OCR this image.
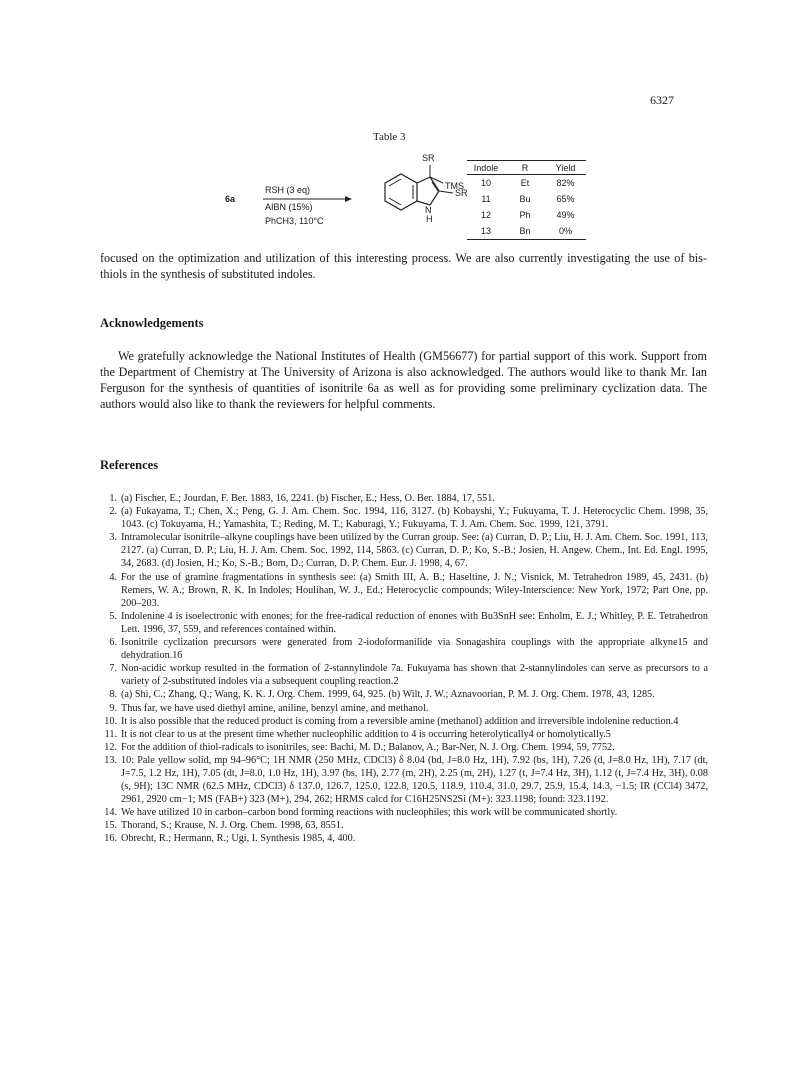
6327
Table 3
6a
RSH (3 eq)
AIBN (15%)
PhCH3, 110°C
SR
TMS
SR
N
H
Indole	R	Yield
10	Et	82%
11	Bu	65%
12	Ph	49%
13	Bn	0%

focused on the optimization and utilization of this interesting process. We are also currently investigating the use of bis-thiols in the synthesis of substituted indoles.

Acknowledgements

We gratefully acknowledge the National Institutes of Health (GM56677) for partial support of this work. Support from the Department of Chemistry at The University of Arizona is also acknowledged. The authors would like to thank Mr. Ian Ferguson for the synthesis of quantities of isonitrile 6a as well as for providing some preliminary cyclization data. The authors would also like to thank the reviewers for helpful comments.

References
1. (a) Fischer, E.; Jourdan, F. Ber. 1883, 16, 2241. (b) Fischer, E.; Hess, O. Ber. 1884, 17, 551.
2. (a) Fukayama, T.; Chen, X.; Peng, G. J. Am. Chem. Soc. 1994, 116, 3127. (b) Kobayshi, Y.; Fukuyama, T. J. Heterocyclic Chem. 1998, 35, 1043. (c) Tokuyama, H.; Yamashita, T.; Reding, M. T.; Kaburagi, Y.; Fukuyama, T. J. Am. Chem. Soc. 1999, 121, 3791.
3. Intramolecular isonitrile–alkyne couplings have been utilized by the Curran group. See: (a) Curran, D. P.; Liu, H. J. Am. Chem. Soc. 1991, 113, 2127. (a) Curran, D. P.; Liu, H. J. Am. Chem. Soc. 1992, 114, 5863. (c) Curran, D. P.; Ko, S.-B.; Josien, H. Angew. Chem., Int. Ed. Engl. 1995, 34, 2683. (d) Josien, H.; Ko, S.-B.; Bom, D.; Curran, D. P. Chem. Eur. J. 1998, 4, 67.
4. For the use of gramine fragmentations in synthesis see: (a) Smith III, A. B.; Haseltine, J. N.; Visnick, M. Tetrahedron 1989, 45, 2431. (b) Remers, W. A.; Brown, R. K. In Indoles; Houlihan, W. J., Ed.; Heterocyclic compounds; Wiley-Interscience: New York, 1972; Part One, pp. 200–203.
5. Indolenine 4 is isoelectronic with enones; for the free-radical reduction of enones with Bu3SnH see: Enholm, E. J.; Whitley, P. E. Tetrahedron Lett. 1996, 37, 559, and references contained within.
6. Isonitrile cyclization precursors were generated from 2-iodoformanilide via Sonagashira couplings with the appropriate alkyne15 and dehydration.16
7. Non-acidic workup resulted in the formation of 2-stannylindole 7a. Fukuyama has shown that 2-stannylindoles can serve as precursors to a variety of 2-substituted indoles via a subsequent coupling reaction.2
8. (a) Shi, C.; Zhang, Q.; Wang, K. K. J. Org. Chem. 1999, 64, 925. (b) Wilt, J. W.; Aznavoorian, P. M. J. Org. Chem. 1978, 43, 1285.
9. Thus far, we have used diethyl amine, aniline, benzyl amine, and methanol.
10. It is also possible that the reduced product is coming from a reversible amine (methanol) addition and irreversible indolenine reduction.4
11. It is not clear to us at the present time whether nucleophilic addition to 4 is occurring heterolytically4 or homolytically.5
12. For the addition of thiol-radicals to isonitriles, see: Bachi, M. D.; Balanov, A.; Bar-Ner, N. J. Org. Chem. 1994, 59, 7752.
13. 10: Pale yellow solid, mp 94–96°C; 1H NMR (250 MHz, CDCl3) δ 8.04 (bd, J=8.0 Hz, 1H), 7.92 (bs, 1H), 7.26 (d, J=8.0 Hz, 1H), 7.17 (dt, J=7.5, 1.2 Hz, 1H), 7.05 (dt, J=8.0, 1.0 Hz, 1H), 3.97 (bs, 1H), 2.77 (m, 2H), 2.25 (m, 2H), 1.27 (t, J=7.4 Hz, 3H), 1.12 (t, J=7.4 Hz, 3H), 0.08 (s, 9H); 13C NMR (62.5 MHz, CDCl3) δ 137.0, 126.7, 125.0, 122.8, 120.5, 118.9, 110.4, 31.0, 29.7, 25.9, 15.4, 14.3, −1.5; IR (CCl4) 3472, 2961, 2920 cm−1; MS (FAB+) 323 (M+), 294, 262; HRMS calcd for C16H25NS2Si (M+): 323.1198; found: 323.1192.
14. We have utilized 10 in carbon–carbon bond forming reactions with nucleophiles; this work will be communicated shortly.
15. Thorand, S.; Krause, N. J. Org. Chem. 1998, 63, 8551.
16. Obrecht, R.; Hermann, R.; Ugi, I. Synthesis 1985, 4, 400.
